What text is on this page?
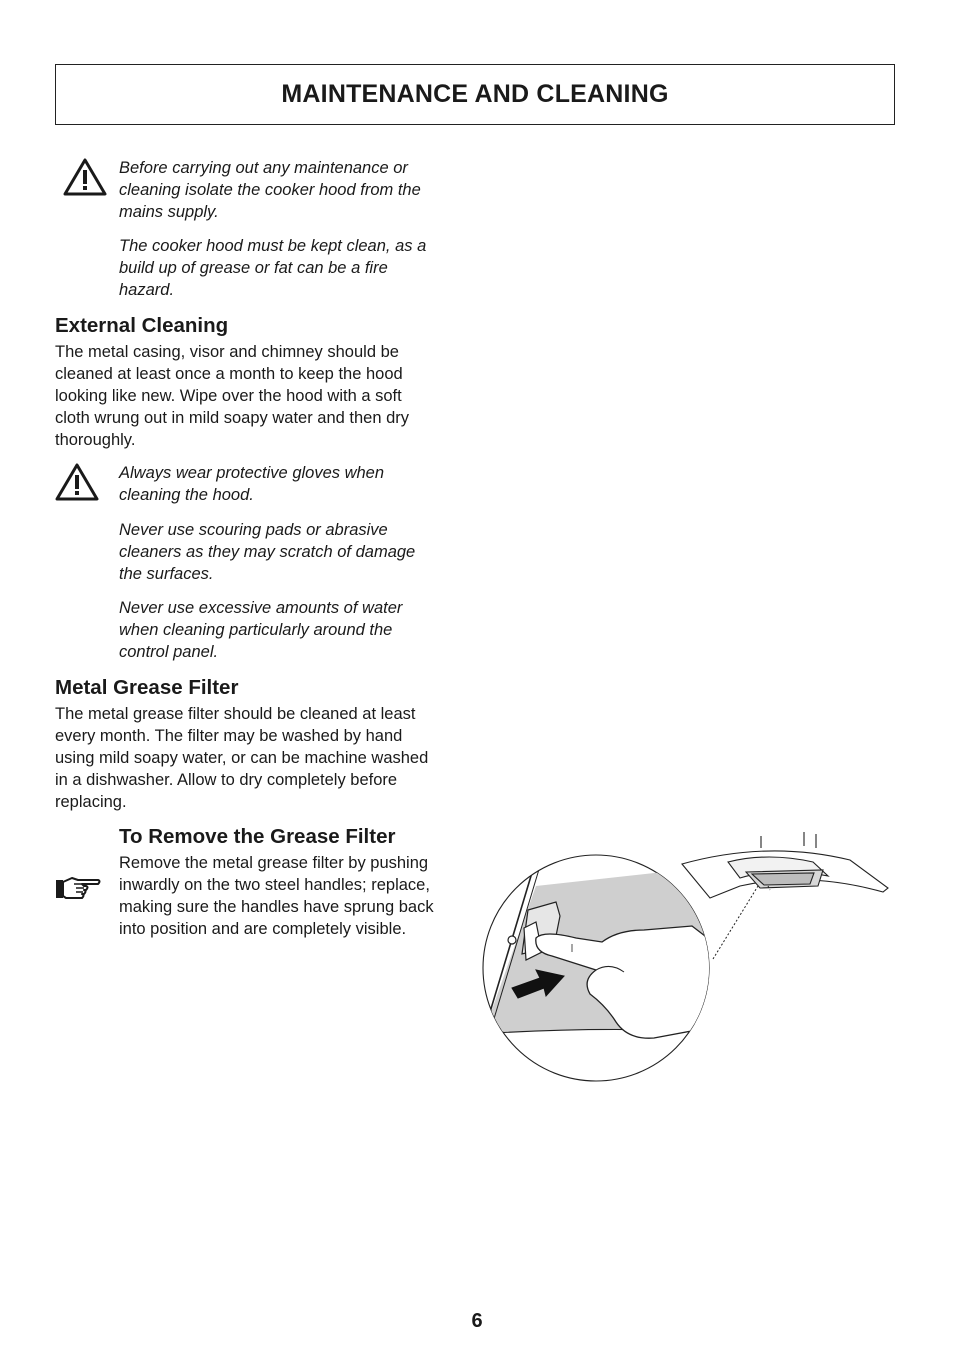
MAINTENANCE AND CLEANING

Before carrying out any maintenance or
cleaning isolate the cooker hood from the
mains supply.

The cooker hood must be kept clean, as a
build up of grease or fat can be a fire
hazard.

External Cleaning

The metal casing, visor and chimney should be
cleaned at least once a month to keep the hood
looking like new. Wipe over the hood with a soft
cloth wrung out in mild soapy water and then dry
thoroughly.

Always wear protective gloves when
cleaning the hood.

Never use scouring pads or abrasive
cleaners as they may scratch of damage
the surfaces.

Never use excessive amounts of water
when cleaning particularly around the
control panel.

Metal Grease Filter

The metal grease filter should be cleaned at least
every month. The filter may be washed by hand
using mild soapy water, or can be machine washed
in a dishwasher. Allow to dry completely before
replacing.

To Remove the Grease Filter

Remove the metal grease filter by pushing
inwardly on the two steel handles; replace,
making sure the handles have sprung back
into position and are completely visible.

6
